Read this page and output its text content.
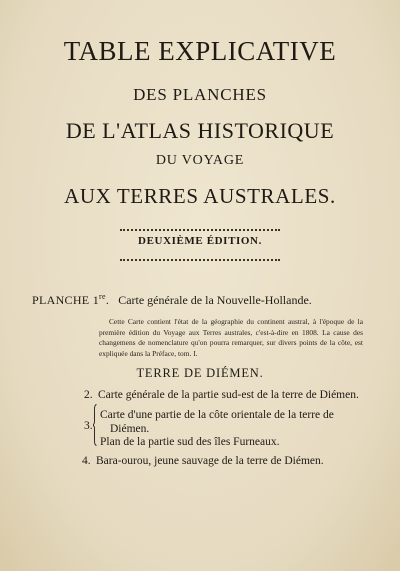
TABLE EXPLICATIVE
DES PLANCHES
DE L'ATLAS HISTORIQUE
DU VOYAGE
AUX TERRES AUSTRALES.
DEUXIÈME ÉDITION.
PLANCHE 1re. Carte générale de la Nouvelle-Hollande.
Cette Carte contient l'état de la géographie du continent austral, à l'époque de la première édition du Voyage aux Terres australes, c'est-à-dire en 1808. La cause des changemens de nomenclature qu'on pourra remarquer, sur divers points de la côte, est expliquée dans la Préface, tom. I.
TERRE DE DIÉMEN.
2. Carte générale de la partie sud-est de la terre de Diémen.
3.
Carte d'une partie de la côte orientale de la terre de
Diémen.
Plan de la partie sud des îles Furneaux.
4. Bara-ourou, jeune sauvage de la terre de Diémen.
